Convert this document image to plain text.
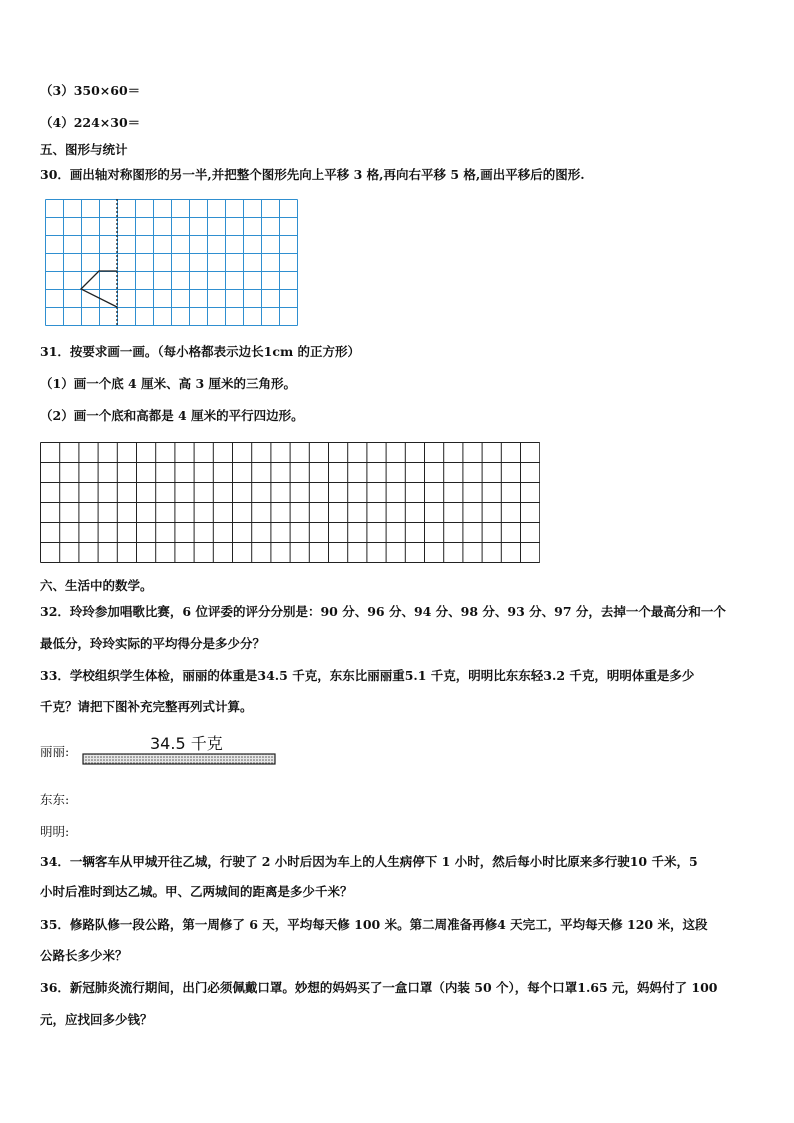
（3）350×60＝
（4）224×30＝
五、图形与统计
30．画出轴对称图形的另一半,并把整个图形先向上平移 3 格,再向右平移 5 格,画出平移后的图形.
31．按要求画一画。（每小格都表示边长1cm 的正方形）
（1）画一个底 4 厘米、高 3 厘米的三角形。
（2）画一个底和高都是 4 厘米的平行四边形。
六、生活中的数学。
32．玲玲参加唱歌比赛，6 位评委的评分分别是：90 分、96 分、94 分、98 分、93 分、97 分，去掉一个最高分和一个
最低分，玲玲实际的平均得分是多少分？
33．学校组织学生体检，丽丽的体重是34.5 千克，东东比丽丽重5.1 千克，明明比东东轻3.2 千克，明明体重是多少
千克？请把下图补充完整再列式计算。
丽丽:	34.5 千克
东东:
明明:
34．一辆客车从甲城开往乙城，行驶了 2 小时后因为车上的人生病停下 1 小时，然后每小时比原来多行驶10 千米，5
小时后准时到达乙城。甲、乙两城间的距离是多少千米？
35．修路队修一段公路，第一周修了 6 天，平均每天修 100 米。第二周准备再修4 天完工，平均每天修 120 米，这段
公路长多少米？
36．新冠肺炎流行期间，出门必须佩戴口罩。妙想的妈妈买了一盒口罩（内装 50 个），每个口罩1.65 元，妈妈付了 100
元，应找回多少钱？
